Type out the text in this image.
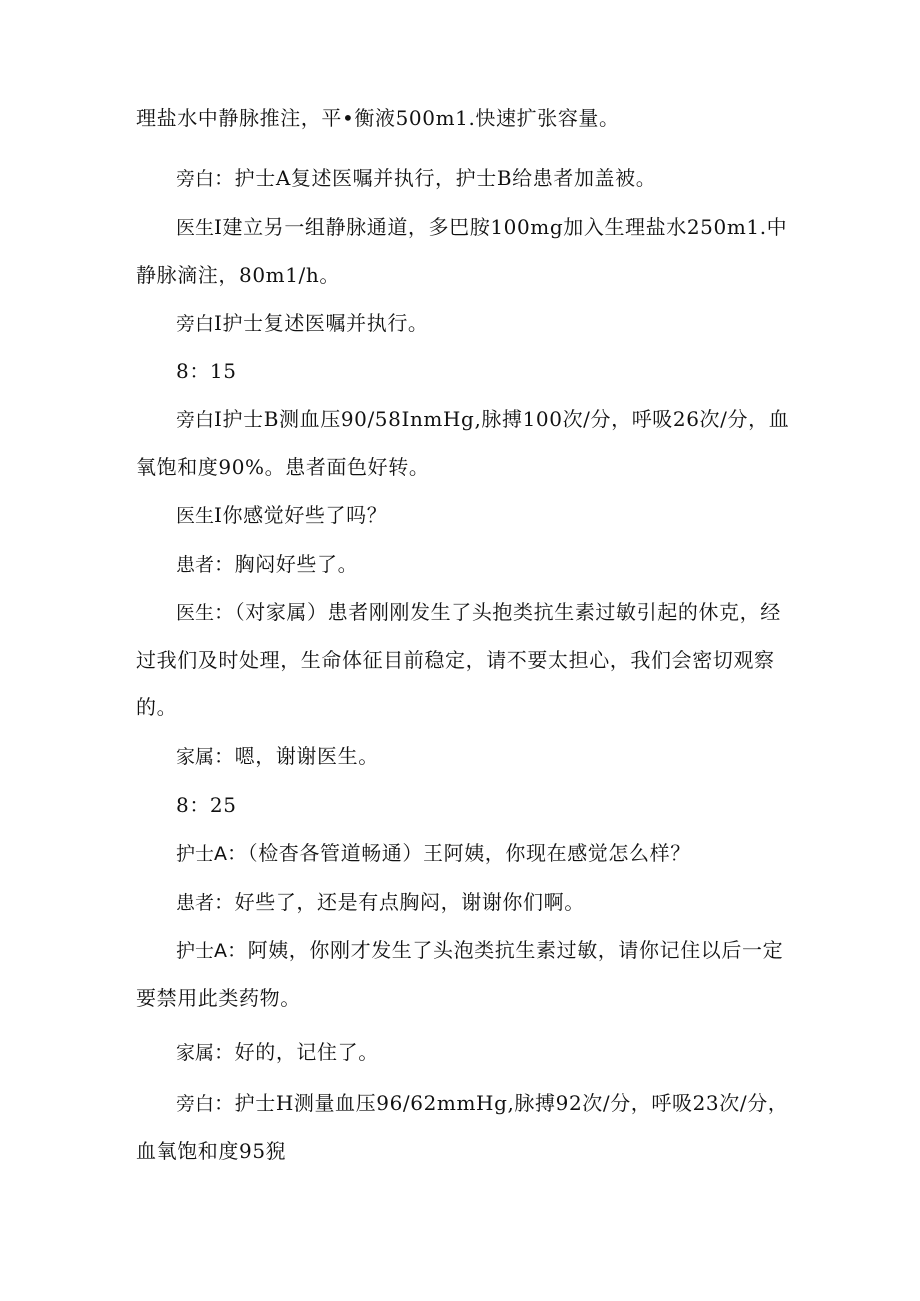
理盐水中静脉推注，平•衡液500m1.快速扩张容量。

旁白：护士A复述医嘱并执行，护士B给患者加盖被。

医生I建立另一组静脉通道，多巴胺100mg加入生理盐水250m1.中静脉滴注，80m1∕h。

旁白I护士复述医嘱并执行。

8：15

旁白I护士B测血压90/58InmHg,脉搏100次/分，呼吸26次/分，血氧饱和度90%。患者面色好转。

医生I你感觉好些了吗？

患者：胸闷好些了。

医生：（对家属）患者刚刚发生了头抱类抗生素过敏引起的休克，经过我们及时处理，生命体征目前稳定，请不要太担心，我们会密切观察的。

家属：嗯，谢谢医生。

8：25

护士A：（检杳各管道畅通）王阿姨，你现在感觉怎么样？

患者：好些了，还是有点胸闷，谢谢你们啊。

护士A：阿姨，你刚才发生了头泡类抗生素过敏，请你记住以后一定要禁用此类药物。

家属：好的，记住了。

旁白：护士H测量血压96∕62mmHg,脉搏92次/分，呼吸23次/分，血氧饱和度95猊
